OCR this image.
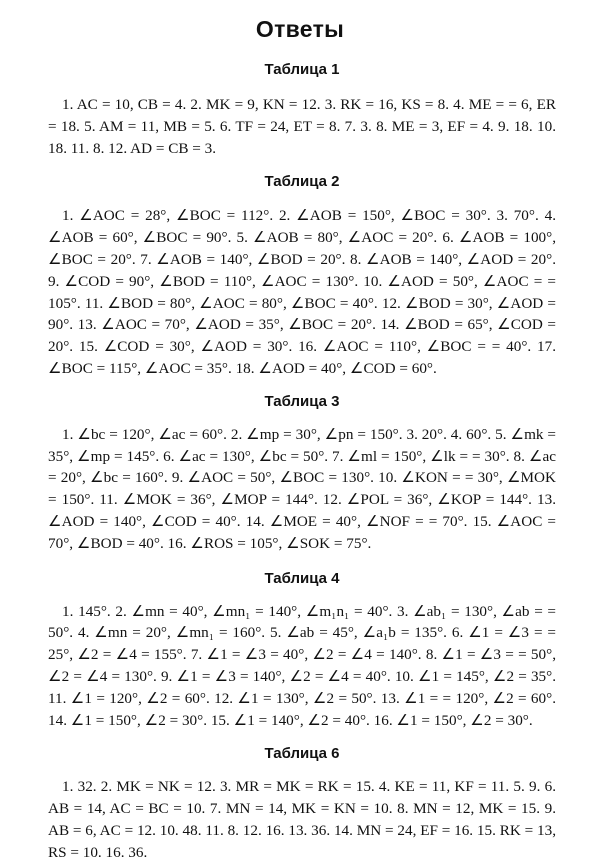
Ответы
Таблица 1

1. AC = 10, CB = 4. 2. MK = 9, KN = 12. 3. RK = 16, KS = 8. 4. ME = = 6, ER = 18. 5. AM = 11, MB = 5. 6. TF = 24, ET = 8. 7. 3. 8. ME = 3, EF = 4. 9. 18. 10. 18. 11. 8. 12. AD = CB = 3.

Таблица 2

1. ∠AOC = 28°, ∠BOC = 112°. 2. ∠AOB = 150°, ∠BOC = 30°. 3. 70°. 4. ∠AOB = 60°, ∠BOC = 90°. 5. ∠AOB = 80°, ∠AOC = 20°. 6. ∠AOB = 100°, ∠BOC = 20°. 7. ∠AOB = 140°, ∠BOD = 20°. 8. ∠AOB = 140°, ∠AOD = 20°. 9. ∠COD = 90°, ∠BOD = 110°, ∠AOC = 130°. 10. ∠AOD = 50°, ∠AOC = = 105°. 11. ∠BOD = 80°, ∠AOC = 80°, ∠BOC = 40°. 12. ∠BOD = 30°, ∠AOD = 90°. 13. ∠AOC = 70°, ∠AOD = 35°, ∠BOC = 20°. 14. ∠BOD = 65°, ∠COD = 20°. 15. ∠COD = 30°, ∠AOD = 30°. 16. ∠AOC = 110°, ∠BOC = = 40°. 17. ∠BOC = 115°, ∠AOC = 35°. 18. ∠AOD = 40°, ∠COD = 60°.

Таблица 3

1. ∠bc = 120°, ∠ac = 60°. 2. ∠mp = 30°, ∠pn = 150°. 3. 20°. 4. 60°. 5. ∠mk = 35°, ∠mp = 145°. 6. ∠ac = 130°, ∠bc = 50°. 7. ∠ml = 150°, ∠lk = = 30°. 8. ∠ac = 20°, ∠bc = 160°. 9. ∠AOC = 50°, ∠BOC = 130°. 10. ∠KON = = 30°, ∠MOK = 150°. 11. ∠MOK = 36°, ∠MOP = 144°. 12. ∠POL = 36°, ∠KOP = 144°. 13. ∠AOD = 140°, ∠COD = 40°. 14. ∠MOE = 40°, ∠NOF = = 70°. 15. ∠AOC = 70°, ∠BOD = 40°. 16. ∠ROS = 105°, ∠SOK = 75°.

Таблица 4

1. 145°. 2. ∠mn = 40°, ∠mn₁ = 140°, ∠m₁n₁ = 40°. 3. ∠ab₁ = 130°, ∠ab = = 50°. 4. ∠mn = 20°, ∠mn₁ = 160°. 5. ∠ab = 45°, ∠a₁b = 135°. 6. ∠1 = ∠3 = = 25°, ∠2 = ∠4 = 155°. 7. ∠1 = ∠3 = 40°, ∠2 = ∠4 = 140°. 8. ∠1 = ∠3 = = 50°, ∠2 = ∠4 = 130°. 9. ∠1 = ∠3 = 140°, ∠2 = ∠4 = 40°. 10. ∠1 = 145°, ∠2 = 35°. 11. ∠1 = 120°, ∠2 = 60°. 12. ∠1 = 130°, ∠2 = 50°. 13. ∠1 = = 120°, ∠2 = 60°. 14. ∠1 = 150°, ∠2 = 30°. 15. ∠1 = 140°, ∠2 = 40°. 16. ∠1 = 150°, ∠2 = 30°.

Таблица 6

1. 32. 2. MK = NK = 12. 3. MR = MK = RK = 15. 4. KE = 11, KF = 11. 5. 9. 6. AB = 14, AC = BC = 10. 7. MN = 14, MK = KN = 10. 8. MN = 12, MK = 15. 9. AB = 6, AC = 12. 10. 48. 11. 8. 12. 16. 13. 36. 14. MN = 24, EF = 16. 15. RK = 13, RS = 10. 16. 36.
